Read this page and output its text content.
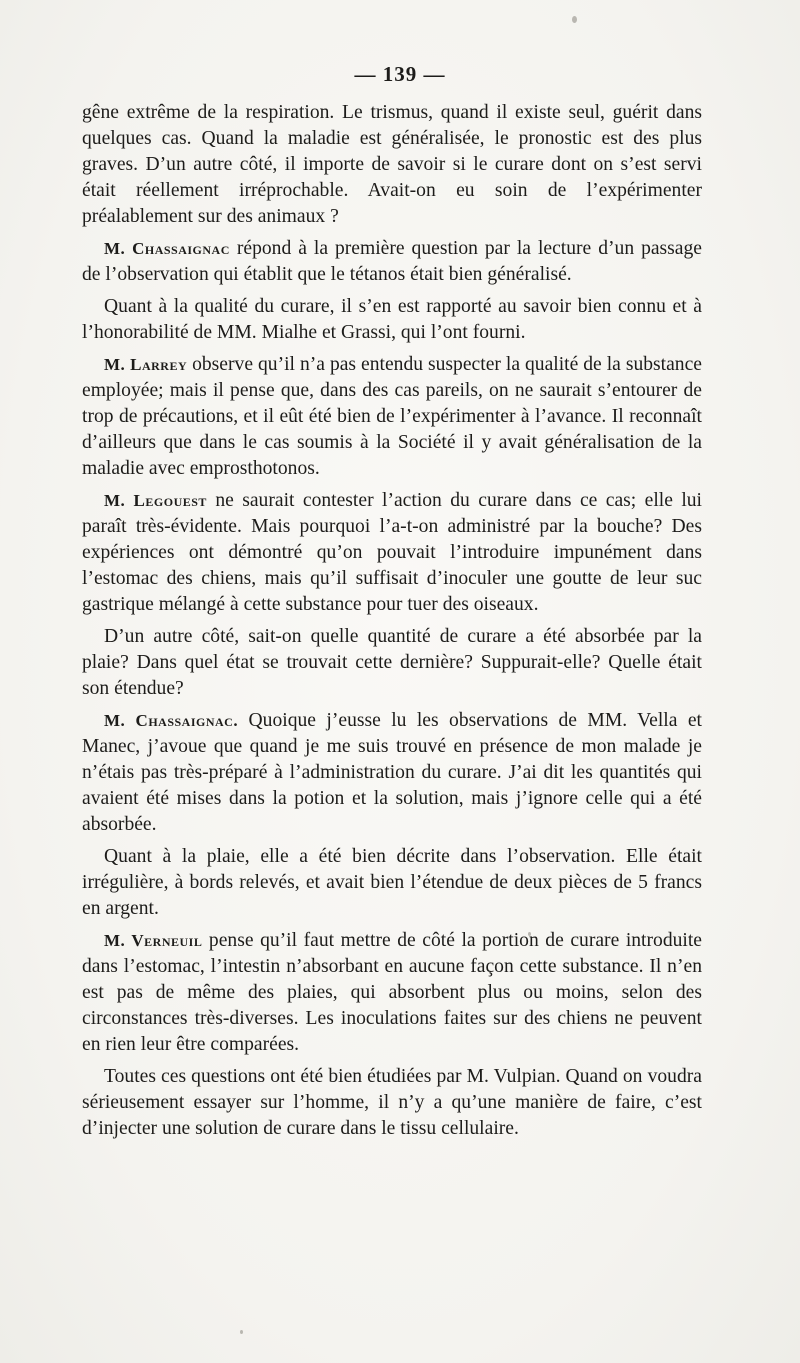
— 139 —

gêne extrême de la respiration. Le trismus, quand il existe seul, guérit dans quelques cas. Quand la maladie est généralisée, le pronostic est des plus graves. D’un autre côté, il importe de savoir si le curare dont on s’est servi était réellement irréprochable. Avait-on eu soin de l’expérimenter préalablement sur des animaux ?

M. Chassaignac répond à la première question par la lecture d’un passage de l’observation qui établit que le tétanos était bien généralisé.

Quant à la qualité du curare, il s’en est rapporté au savoir bien connu et à l’honorabilité de MM. Mialhe et Grassi, qui l’ont fourni.

M. Larrey observe qu’il n’a pas entendu suspecter la qualité de la substance employée; mais il pense que, dans des cas pareils, on ne saurait s’entourer de trop de précautions, et il eût été bien de l’expérimenter à l’avance. Il reconnaît d’ailleurs que dans le cas soumis à la Société il y avait généralisation de la maladie avec emprosthotonos.

M. Legouest ne saurait contester l’action du curare dans ce cas; elle lui paraît très-évidente. Mais pourquoi l’a-t-on administré par la bouche? Des expériences ont démontré qu’on pouvait l’introduire impunément dans l’estomac des chiens, mais qu’il suffisait d’inoculer une goutte de leur suc gastrique mélangé à cette substance pour tuer des oiseaux.

D’un autre côté, sait-on quelle quantité de curare a été absorbée par la plaie? Dans quel état se trouvait cette dernière? Suppurait-elle? Quelle était son étendue?

M. Chassaignac. Quoique j’eusse lu les observations de MM. Vella et Manec, j’avoue que quand je me suis trouvé en présence de mon malade je n’étais pas très-préparé à l’administration du curare. J’ai dit les quantités qui avaient été mises dans la potion et la solution, mais j’ignore celle qui a été absorbée.

Quant à la plaie, elle a été bien décrite dans l’observation. Elle était irrégulière, à bords relevés, et avait bien l’étendue de deux pièces de 5 francs en argent.

M. Verneuil pense qu’il faut mettre de côté la portion de curare introduite dans l’estomac, l’intestin n’absorbant en aucune façon cette substance. Il n’en est pas de même des plaies, qui absorbent plus ou moins, selon des circonstances très-diverses. Les inoculations faites sur des chiens ne peuvent en rien leur être comparées.

Toutes ces questions ont été bien étudiées par M. Vulpian. Quand on voudra sérieusement essayer sur l’homme, il n’y a qu’une manière de faire, c’est d’injecter une solution de curare dans le tissu cellulaire.
